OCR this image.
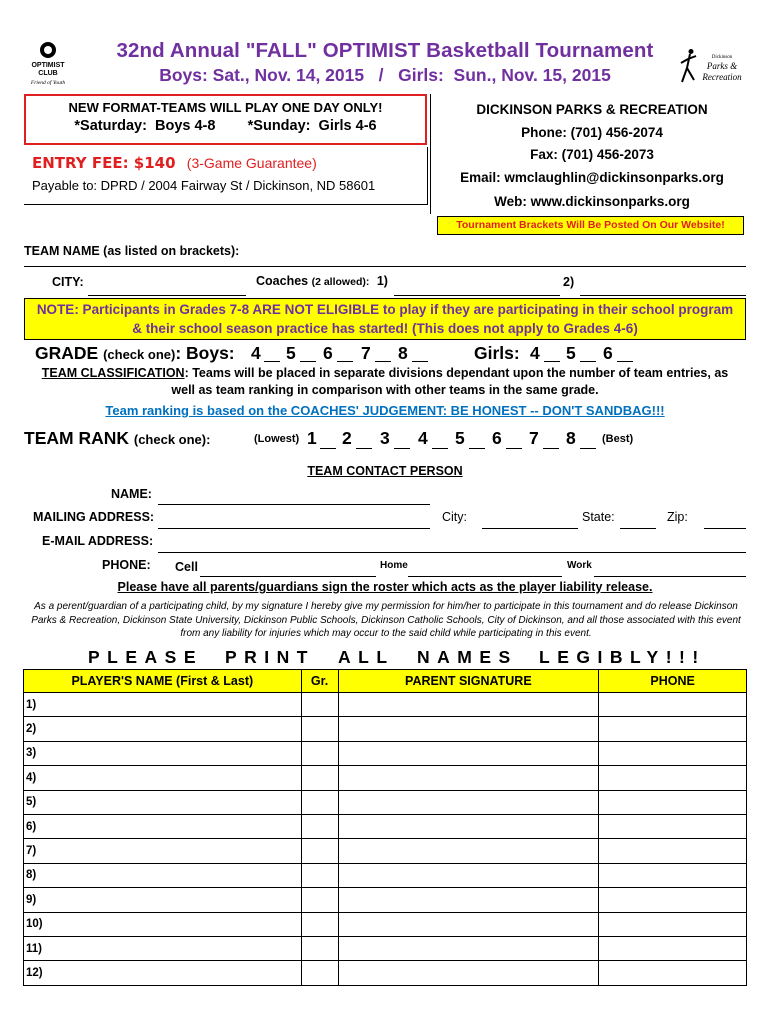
OPTIMIST
CLUB
Friend of Youth
Dickinson
Parks &
Recreation
32nd Annual "FALL" OPTIMIST Basketball Tournament
Boys: Sat., Nov. 14, 2015   /   Girls:  Sun., Nov. 15, 2015
NEW FORMAT-TEAMS WILL PLAY ONE DAY ONLY!
*Saturday:  Boys 4-8        *Sunday:  Girls 4-6
ENTRY FEE: $140 (3-Game Guarantee)
Payable to: DPRD / 2004 Fairway St / Dickinson, ND 58601
DICKINSON PARKS & RECREATION
Phone: (701) 456-2074
Fax: (701) 456-2073
Email: wmclaughlin@dickinsonparks.org
Web: www.dickinsonparks.org
Tournament Brackets Will Be Posted On Our Website!
TEAM NAME (as listed on brackets):
CITY:	Coaches (2 allowed): 1)	2)
NOTE: Participants in Grades 7-8 ARE NOT ELIGIBLE to play if they are participating in their school program
& their school season practice has started! (This does not apply to Grades 4-6)
GRADE (check one): Boys: 4 5 6 7 8	Girls: 4 5 6
TEAM CLASSIFICATION: Teams will be placed in separate divisions dependant upon the number of team entries, as
well as team ranking in comparison with other teams in the same grade.
Team ranking is based on the COACHES' JUDGEMENT: BE HONEST -- DON'T SANDBAG!!!
TEAM RANK (check one):	(Lowest) 1 2 3 4 5 6 7 8 (Best)
TEAM CONTACT PERSON
NAME:
MAILING ADDRESS:	City:	State:	Zip:
E-MAIL ADDRESS:
PHONE: Cell	Home	Work
Please have all parents/guardians sign the roster which acts as the player liability release.
As a perent/guardian of a participating child, by my signature I hereby give my permission for him/her to participate in this tournament and do release Dickinson Parks & Recreation, Dickinson State University, Dickinson Public Schools, Dickinson Catholic Schools, City of Dickinson, and all those associated with this event from any liability for injuries which may occur to the said child while participating in this event.
PLEASE PRINT ALL NAMES LEGIBLY!!!
PLAYER'S NAME (First & Last)	Gr.	PARENT SIGNATURE	PHONE
1)			
2)			
3)			
4)			
5)			
6)			
7)			
8)			
9)			
10)			
11)			
12)			
